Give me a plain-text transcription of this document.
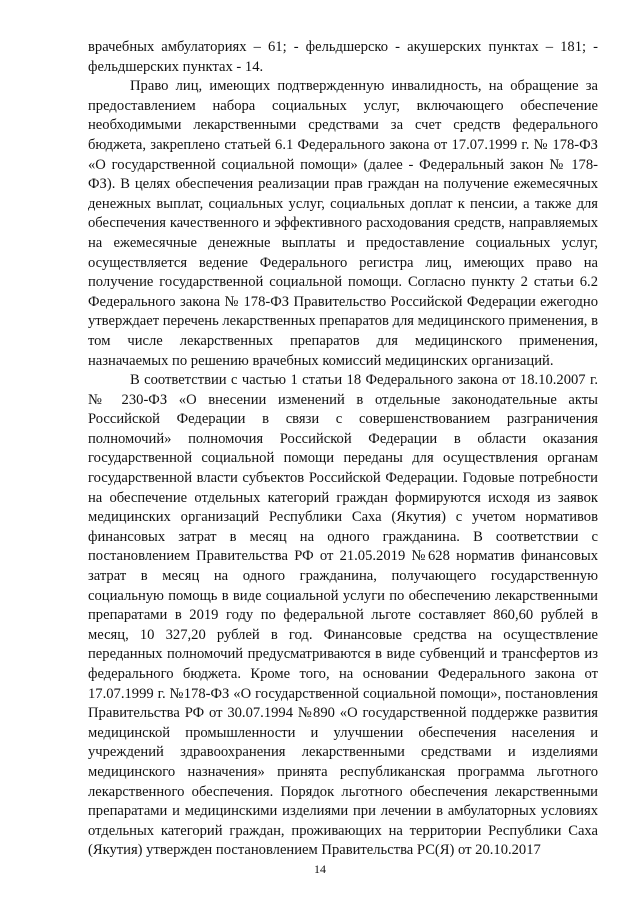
врачебных амбулаториях – 61; - фельдшерско - акушерских пунктах – 181; - фельдшерских пунктах - 14.

Право лиц, имеющих подтвержденную инвалидность, на обращение за предоставлением набора социальных услуг, включающего обеспечение необходимыми лекарственными средствами за счет средств федерального бюджета, закреплено статьей 6.1 Федерального закона от 17.07.1999 г. № 178-ФЗ «О государственной социальной помощи» (далее - Федеральный закон № 178-ФЗ). В целях обеспечения реализации прав граждан на получение ежемесячных денежных выплат, социальных услуг, социальных доплат к пенсии, а также для обеспечения качественного и эффективного расходования средств, направляемых на ежемесячные денежные выплаты и предоставление социальных услуг, осуществляется ведение Федерального регистра лиц, имеющих право на получение государственной социальной помощи. Согласно пункту 2 статьи 6.2 Федерального закона № 178-ФЗ Правительство Российской Федерации ежегодно утверждает перечень лекарственных препаратов для медицинского применения, в том числе лекарственных препаратов для медицинского применения, назначаемых по решению врачебных комиссий медицинских организаций.

В соответствии с частью 1 статьи 18 Федерального закона от 18.10.2007 г. № 230-ФЗ «О внесении изменений в отдельные законодательные акты Российской Федерации в связи с совершенствованием разграничения полномочий» полномочия Российской Федерации в области оказания государственной социальной помощи переданы для осуществления органам государственной власти субъектов Российской Федерации. Годовые потребности на обеспечение отдельных категорий граждан формируются исходя из заявок медицинских организаций Республики Саха (Якутия) с учетом нормативов финансовых затрат в месяц на одного гражданина. В соответствии с постановлением Правительства РФ от 21.05.2019 №628 норматив финансовых затрат в месяц на одного гражданина, получающего государственную социальную помощь в виде социальной услуги по обеспечению лекарственными препаратами в 2019 году по федеральной льготе составляет 860,60 рублей в месяц, 10 327,20 рублей в год. Финансовые средства на осуществление переданных полномочий предусматриваются в виде субвенций и трансфертов из федерального бюджета. Кроме того, на основании Федерального закона от 17.07.1999 г. №178-ФЗ «О государственной социальной помощи», постановления Правительства РФ от 30.07.1994 №890 «О государственной поддержке развития медицинской промышленности и улучшении обеспечения населения и учреждений здравоохранения лекарственными средствами и изделиями медицинского назначения» принята республиканская программа льготного лекарственного обеспечения. Порядок льготного обеспечения лекарственными препаратами и медицинскими изделиями при лечении в амбулаторных условиях отдельных категорий граждан, проживающих на территории Республики Саха (Якутия) утвержден постановлением Правительства РС(Я) от 20.10.2017

14
